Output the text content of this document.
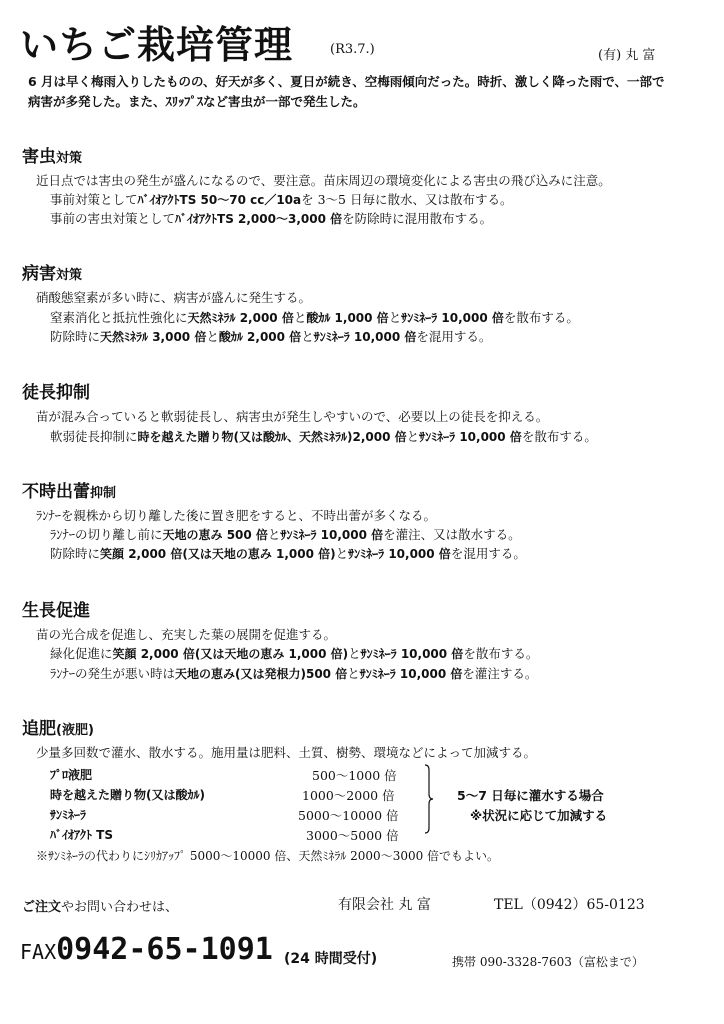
いちご栽培管理	(R3.7.)	(有) 丸 富

6 月は早く梅雨入りしたものの、好天が多く、夏日が続き、空梅雨傾向だった。時折、激しく降った雨で、一部で

病害が多発した。また、ｽﾘｯﾌﾟｽなど害虫が一部で発生した。

害虫対策
近日点では害虫の発生が盛んになるので、要注意。苗床周辺の環境変化による害虫の飛び込みに注意。
事前対策としてﾊﾞｲｵｱｸﾄTS 50～70 cc／10aを 3～5 日毎に散水、又は散布する。
事前の害虫対策としてﾊﾞｲｵｱｸﾄTS 2,000～3,000 倍を防除時に混用散布する。
病害対策
硝酸態窒素が多い時に、病害が盛んに発生する。
窒素消化と抵抗性強化に天然ﾐﾈﾗﾙ 2,000 倍と酸ｶﾙ 1,000 倍とｻﾝﾐﾈｰﾗ 10,000 倍を散布する。
防除時に天然ﾐﾈﾗﾙ 3,000 倍と酸ｶﾙ 2,000 倍とｻﾝﾐﾈｰﾗ 10,000 倍を混用する。
徒長抑制
苗が混み合っていると軟弱徒長し、病害虫が発生しやすいので、必要以上の徒長を抑える。
軟弱徒長抑制に時を越えた贈り物(又は酸ｶﾙ、天然ﾐﾈﾗﾙ)2,000 倍とｻﾝﾐﾈｰﾗ 10,000 倍を散布する。
不時出蕾抑制
ﾗﾝﾅｰを親株から切り離した後に置き肥をすると、不時出蕾が多くなる。
ﾗﾝﾅｰの切り離し前に天地の恵み 500 倍とｻﾝﾐﾈｰﾗ 10,000 倍を灌注、又は散水する。
防除時に笑顔 2,000 倍(又は天地の恵み 1,000 倍)とｻﾝﾐﾈｰﾗ 10,000 倍を混用する。
生長促進
苗の光合成を促進し、充実した葉の展開を促進する。
緑化促進に笑顔 2,000 倍(又は天地の恵み 1,000 倍)とｻﾝﾐﾈｰﾗ 10,000 倍を散布する。
ﾗﾝﾅｰの発生が悪い時は天地の恵み(又は発根力)500 倍とｻﾝﾐﾈｰﾗ 10,000 倍を灌注する。
追肥(液肥)
少量多回数で灌水、散水する。施用量は肥料、土質、樹勢、環境などによって加減する。
ﾌﾟﾛ液肥	500～1000 倍
時を越えた贈り物(又は酸ｶﾙ)	1000～2000 倍
ｻﾝﾐﾈｰﾗ	5000～10000 倍
ﾊﾞｲｵｱｸﾄ TS	3000～5000 倍
5～7 日毎に灌水する場合
※状況に応じて加減する
※ｻﾝﾐﾈｰﾗの代わりにｼﾘｶｱｯﾌﾟ 5000～10000 倍、天然ﾐﾈﾗﾙ 2000～3000 倍でもよい。
ご注文やお問い合わせは、	有限会社 丸 富	TEL（0942）65-0123
FAX0942-65-1091 (24 時間受付)	携帯 090-3328-7603（富松まで）
